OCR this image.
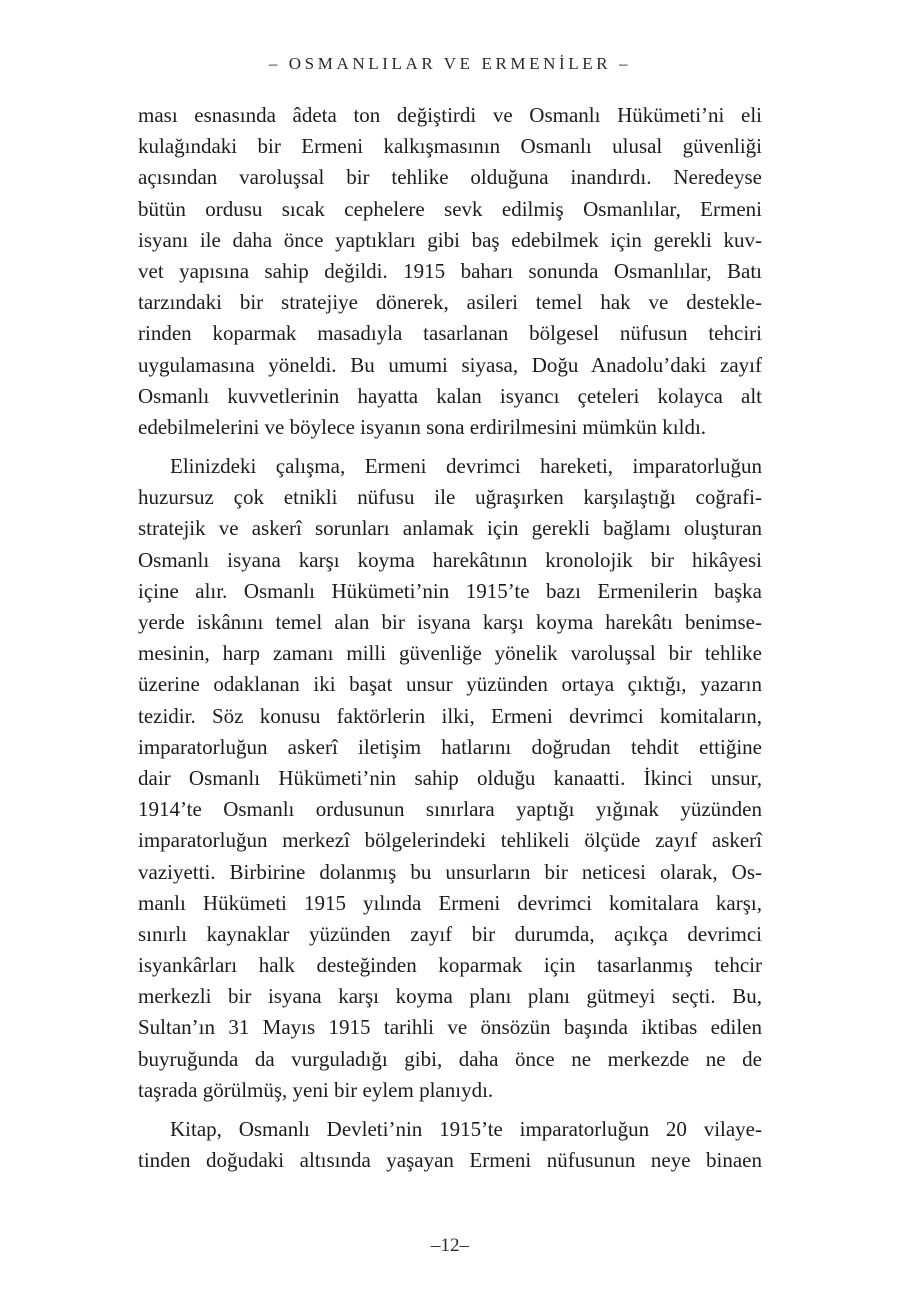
– OSMANLILAR VE ERMENİLER –
ması esnasında âdeta ton değiştirdi ve Osmanlı Hükümeti’ni eli
kulağındaki bir Ermeni kalkışmasının Osmanlı ulusal güvenliği
açısından varoluşsal bir tehlike olduğuna inandırdı. Neredeyse
bütün ordusu sıcak cephelere sevk edilmiş Osmanlılar, Ermeni
isyanı ile daha önce yaptıkları gibi baş edebilmek için gerekli kuv-
vet yapısına sahip değildi. 1915 baharı sonunda Osmanlılar, Batı
tarzındaki bir stratejiye dönerek, asileri temel hak ve destekle-
rinden koparmak masadıyla tasarlanan bölgesel nüfusun tehciri
uygulamasına yöneldi. Bu umumi siyasa, Doğu Anadolu’daki zayıf
Osmanlı kuvvetlerinin hayatta kalan isyancı çeteleri kolayca alt
edebilmelerini ve böylece isyanın sona erdirilmesini mümkün kıldı.
Elinizdeki çalışma, Ermeni devrimci hareketi, imparatorluğun
huzursuz çok etnikli nüfusu ile uğraşırken karşılaştığı coğrafi-
stratejik ve askerî sorunları anlamak için gerekli bağlamı oluşturan
Osmanlı isyana karşı koyma harekâtının kronolojik bir hikâyesi
içine alır. Osmanlı Hükümeti’nin 1915’te bazı Ermenilerin başka
yerde iskânını temel alan bir isyana karşı koyma harekâtı benimse-
mesinin, harp zamanı milli güvenliğe yönelik varoluşsal bir tehlike
üzerine odaklanan iki başat unsur yüzünden ortaya çıktığı, yazarın
tezidir. Söz konusu faktörlerin ilki, Ermeni devrimci komitaların,
imparatorluğun askerî iletişim hatlarını doğrudan tehdit ettiğine
dair Osmanlı Hükümeti’nin sahip olduğu kanaatti. İkinci unsur,
1914’te Osmanlı ordusunun sınırlara yaptığı yığınak yüzünden
imparatorluğun merkezî bölgelerindeki tehlikeli ölçüde zayıf askerî
vaziyetti. Birbirine dolanmış bu unsurların bir neticesi olarak, Os-
manlı Hükümeti 1915 yılında Ermeni devrimci komitalara karşı,
sınırlı kaynaklar yüzünden zayıf bir durumda, açıkça devrimci
isyankârları halk desteğinden koparmak için tasarlanmış tehcir
merkezli bir isyana karşı koyma planı planı gütmeyi seçti. Bu,
Sultan’ın 31 Mayıs 1915 tarihli ve önsözün başında iktibas edilen
buyruğunda da vurguladığı gibi, daha önce ne merkezde ne de
taşrada görülmüş, yeni bir eylem planıydı.
Kitap, Osmanlı Devleti’nin 1915’te imparatorluğun 20 vilaye-
tinden doğudaki altısında yaşayan Ermeni nüfusunun neye binaen
–12–
